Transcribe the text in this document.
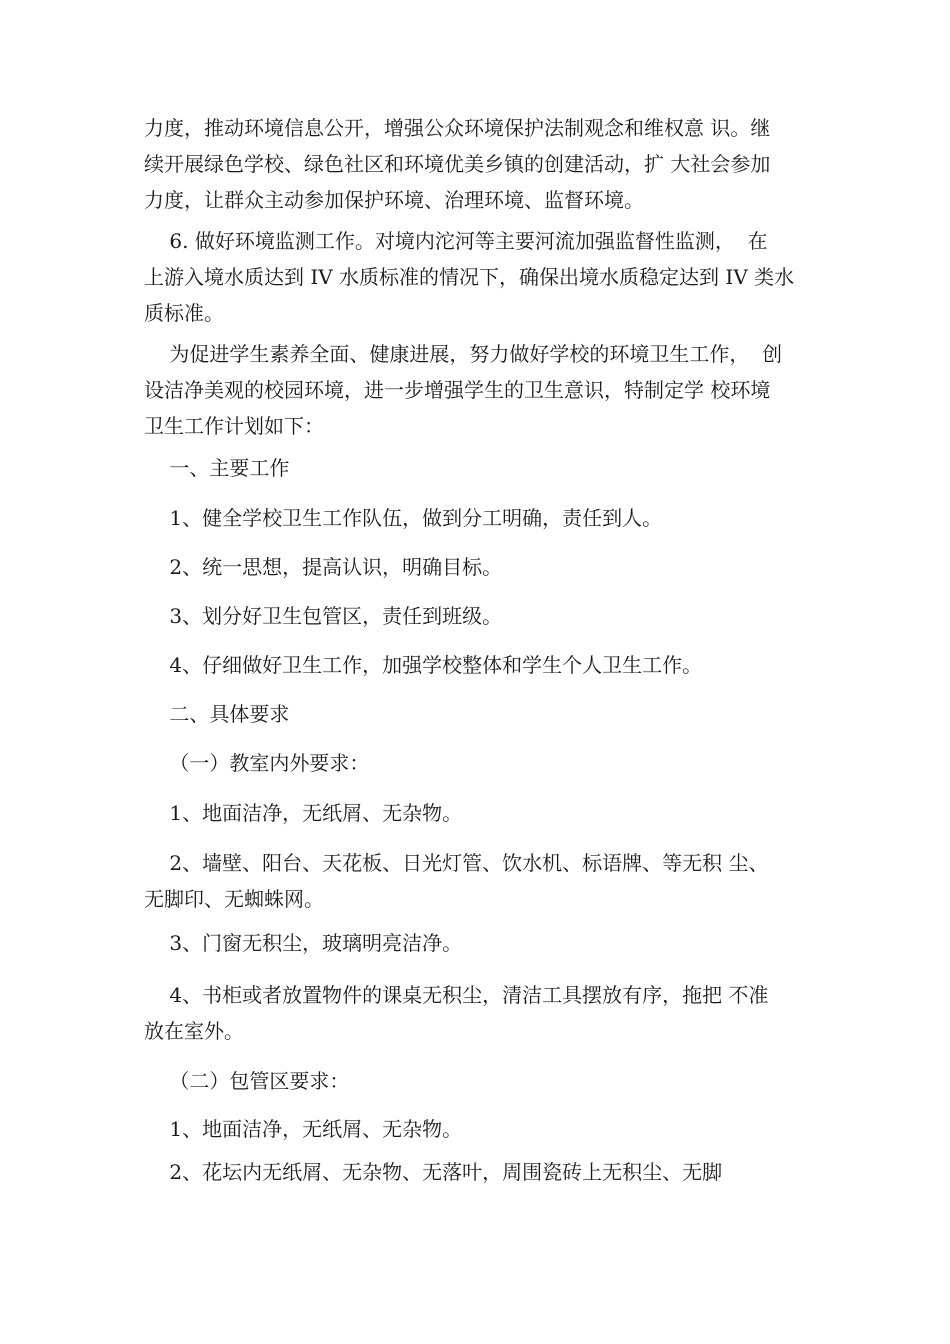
力度，推动环境信息公开，增强公众环境保护法制观念和维权意 识。继
续开展绿色学校、绿色社区和环境优美乡镇的创建活动，扩 大社会参加
力度，让群众主动参加保护环境、治理环境、监督环境。

6. 做好环境监测工作。对境内沱河等主要河流加强监督性监测，  在
上游入境水质达到 IV 水质标准的情况下，确保出境水质稳定达到 IV 类水
质标准。

为促进学生素养全面、健康进展，努力做好学校的环境卫生工作，  创
设洁净美观的校园环境，进一步增强学生的卫生意识，特制定学 校环境
卫生工作计划如下：

一、主要工作

1、健全学校卫生工作队伍，做到分工明确，责任到人。

2、统一思想，提高认识，明确目标。

3、划分好卫生包管区，责任到班级。

4、仔细做好卫生工作，加强学校整体和学生个人卫生工作。

二、具体要求

（一）教室内外要求：

1、地面洁净，无纸屑、无杂物。

2、墙壁、阳台、天花板、日光灯管、饮水机、标语牌、等无积 尘、
无脚印、无蜘蛛网。

3、门窗无积尘，玻璃明亮洁净。

4、书柜或者放置物件的课桌无积尘，清洁工具摆放有序，拖把 不准
放在室外。

（二）包管区要求：

1、地面洁净，无纸屑、无杂物。

2、花坛内无纸屑、无杂物、无落叶，周围瓷砖上无积尘、无脚
